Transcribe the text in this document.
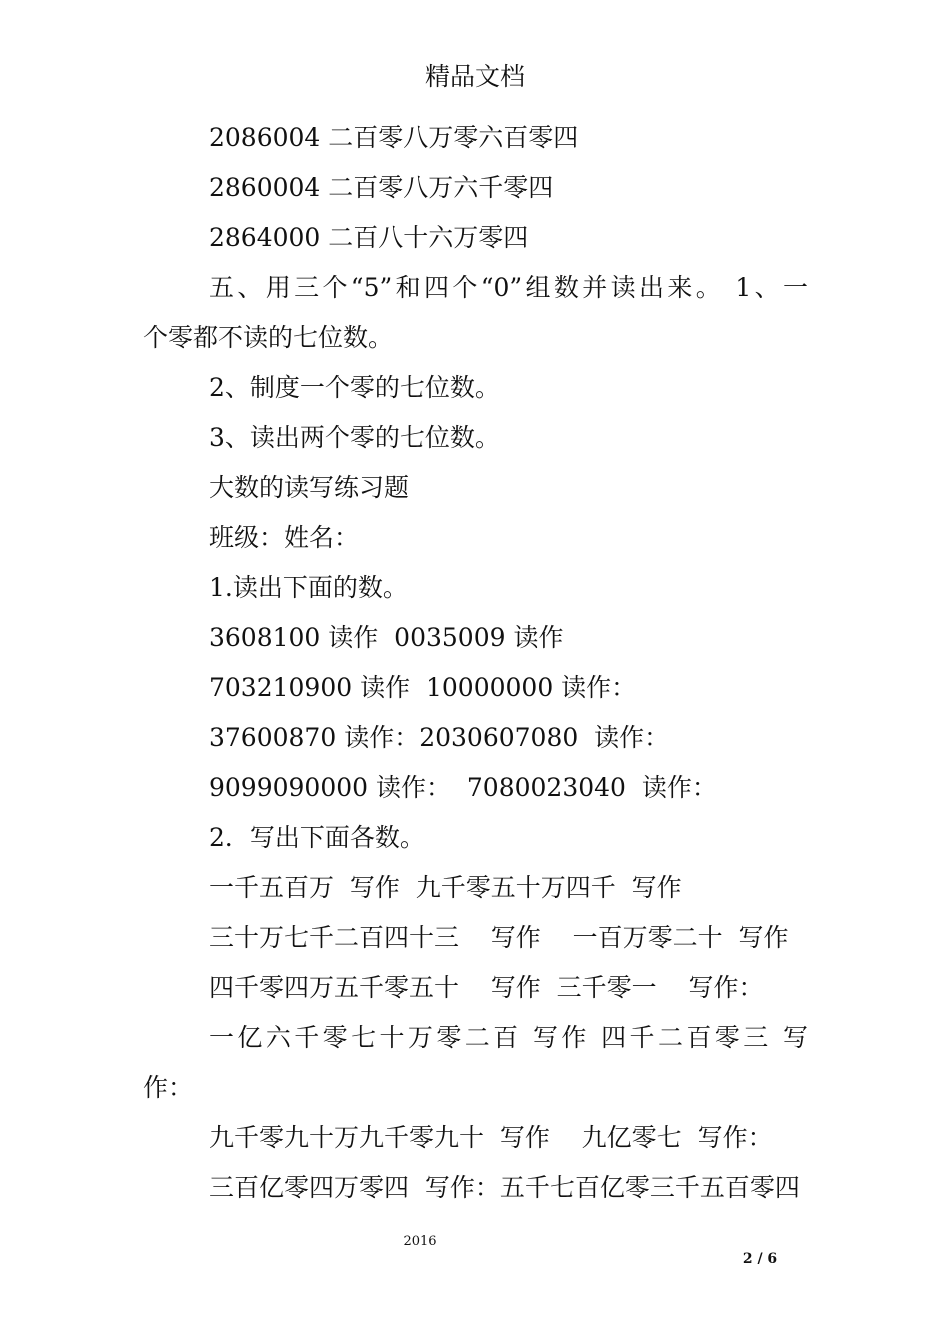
精品文档
2086004 二百零八万零六百零四
2860004 二百零八万六千零四
2864000 二百八十六万零四
五、用三个“5”和四个“0”组数并读出来。 1、一
个零都不读的七位数。
2、制度一个零的七位数。
3、读出两个零的七位数。
大数的读写练习题
班级：姓名：
1.读出下面的数。
3608100 读作  0035009 读作
703210900 读作  10000000 读作：
37600870 读作：2030607080  读作：
9099090000 读作：  7080023040  读作：
2．写出下面各数。
一千五百万  写作  九千零五十万四千  写作
三十万七千二百四十三    写作    一百万零二十  写作
四千零四万五千零五十    写作  三千零一    写作：
一亿六千零七十万零二百 写作 四千二百零三 写
作：
九千零九十万九千零九十  写作    九亿零七  写作：
三百亿零四万零四  写作：五千七百亿零三千五百零四
2016
2 / 6
